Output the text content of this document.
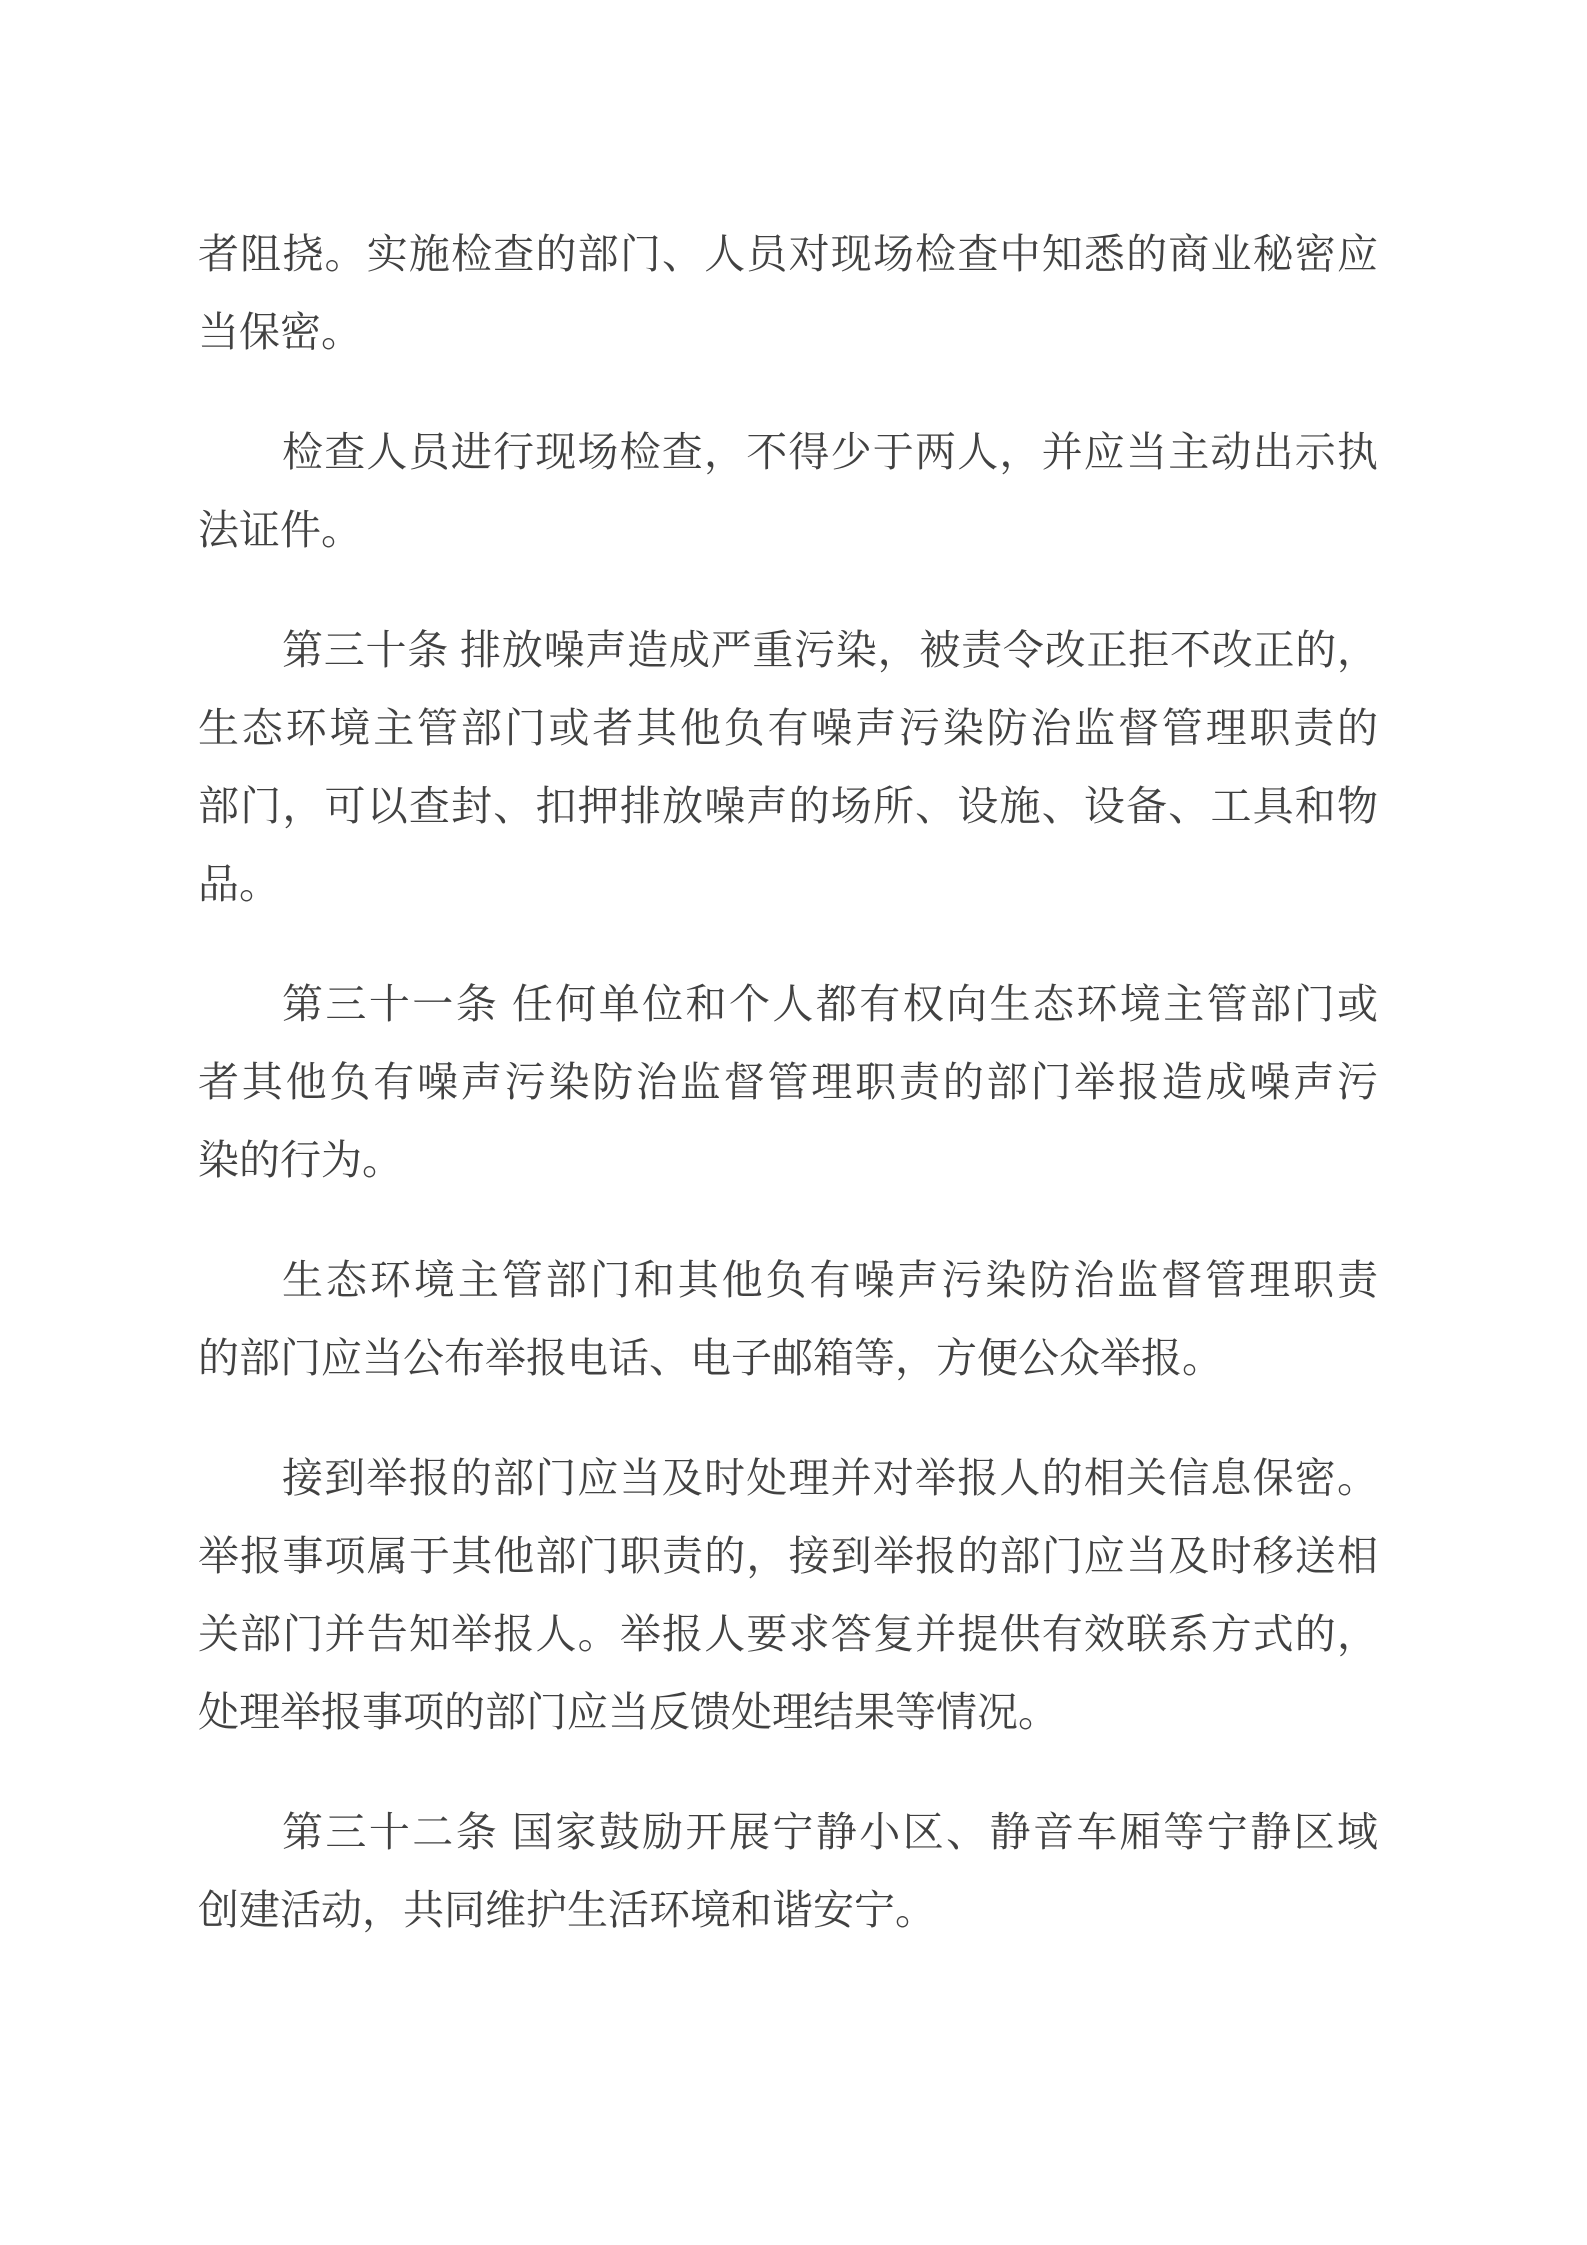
者阻挠。实施检查的部门、人员对现场检查中知悉的商业秘密应
当保密。
检查人员进行现场检查，不得少于两人，并应当主动出示执
法证件。
第三十条 排放噪声造成严重污染，被责令改正拒不改正的，
生态环境主管部门或者其他负有噪声污染防治监督管理职责的
部门，可以查封、扣押排放噪声的场所、设施、设备、工具和物
品。
第三十一条 任何单位和个人都有权向生态环境主管部门或
者其他负有噪声污染防治监督管理职责的部门举报造成噪声污
染的行为。
生态环境主管部门和其他负有噪声污染防治监督管理职责
的部门应当公布举报电话、电子邮箱等，方便公众举报。
接到举报的部门应当及时处理并对举报人的相关信息保密。
举报事项属于其他部门职责的，接到举报的部门应当及时移送相
关部门并告知举报人。举报人要求答复并提供有效联系方式的，
处理举报事项的部门应当反馈处理结果等情况。
第三十二条 国家鼓励开展宁静小区、静音车厢等宁静区域
创建活动，共同维护生活环境和谐安宁。
